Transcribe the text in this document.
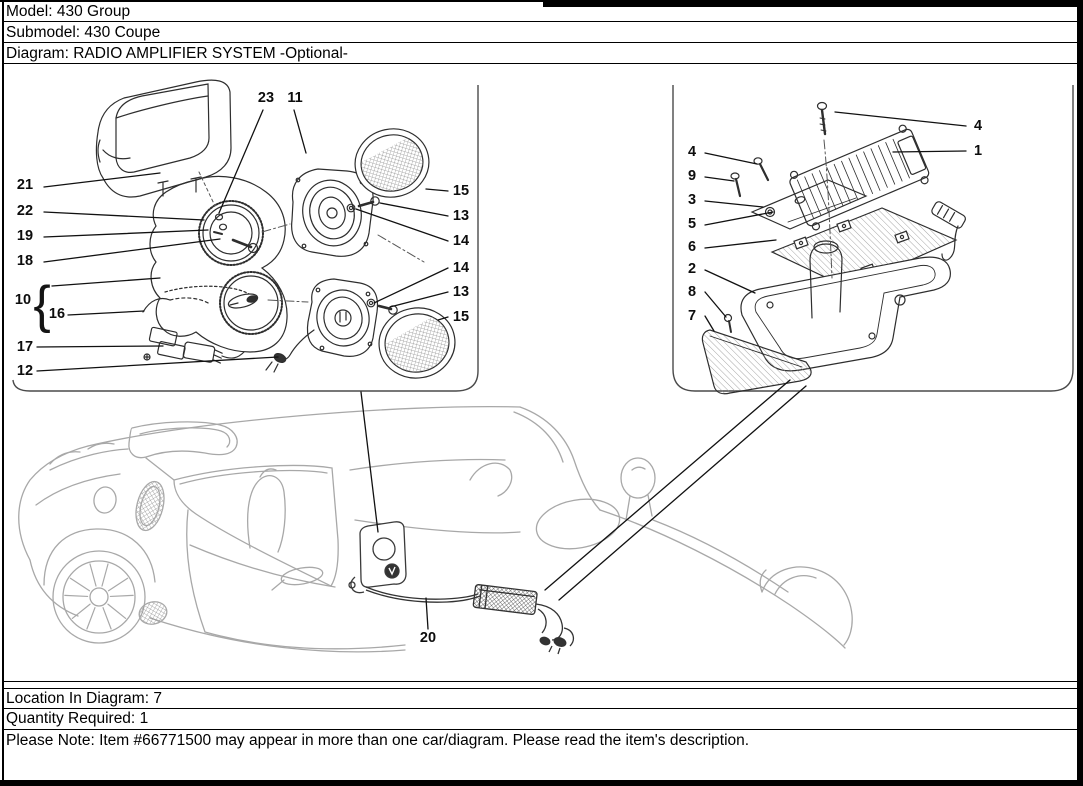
Model: 430 Group
Submodel: 430 Coupe
Diagram: RADIO AMPLIFIER SYSTEM -Optional-
21
22
19
18
10 {
16
17
12
23 11
15
13
14
14
13
15
20
4
9
3
5
6
2
8
7
4
1
Location In Diagram: 7
Quantity Required: 1
Please Note: Item #66771500 may appear in more than one car/diagram. Please read the item's description.
